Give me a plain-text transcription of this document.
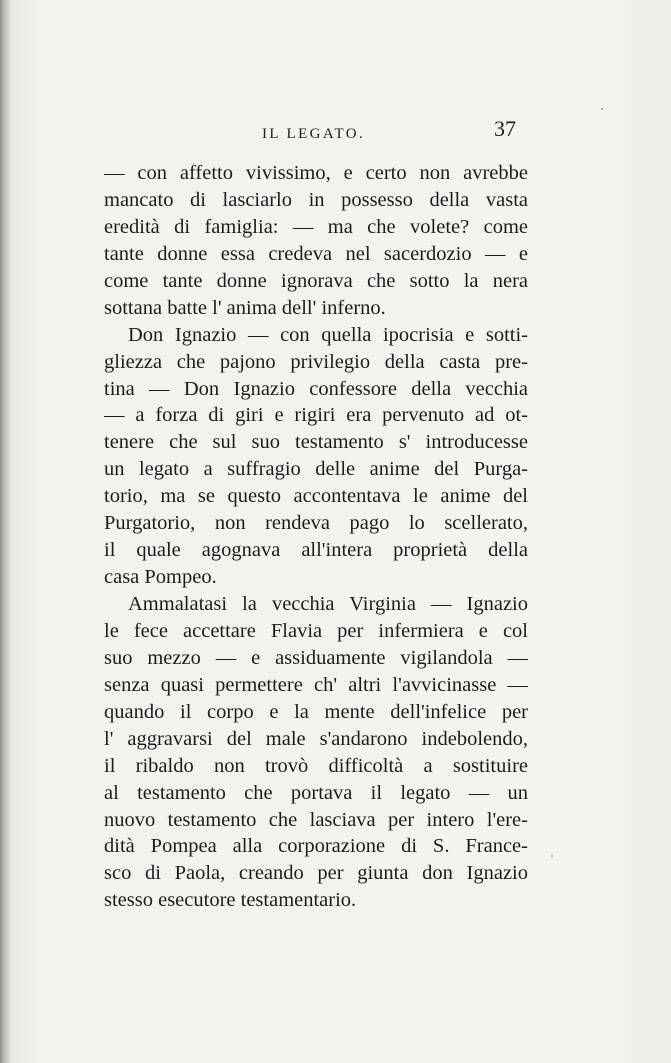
IL LEGATO.	37
— con affetto vivissimo, e certo non avrebbe
mancato di lasciarlo in possesso della vasta
eredità di famiglia: — ma che volete? come
tante donne essa credeva nel sacerdozio — e
come tante donne ignorava che sotto la nera
sottana batte l' anima dell' inferno.
Don Ignazio — con quella ipocrisia e sotti-
gliezza che pajono privilegio della casta pre-
tina — Don Ignazio confessore della vecchia
— a forza di giri e rigiri era pervenuto ad ot-
tenere che sul suo testamento s' introducesse
un legato a suffragio delle anime del Purga-
torio, ma se questo accontentava le anime del
Purgatorio, non rendeva pago lo scellerato,
il quale agognava all'intera proprietà della
casa Pompeo.
Ammalatasi la vecchia Virginia — Ignazio
le fece accettare Flavia per infermiera e col
suo mezzo — e assiduamente vigilandola —
senza quasi permettere ch' altri l'avvicinasse —
quando il corpo e la mente dell'infelice per
l' aggravarsi del male s'andarono indebolendo,
il ribaldo non trovò difficoltà a sostituire
al testamento che portava il legato — un
nuovo testamento che lasciava per intero l'ere-
dità Pompea alla corporazione di S. France-
sco di Paola, creando per giunta don Ignazio
stesso esecutore testamentario.
